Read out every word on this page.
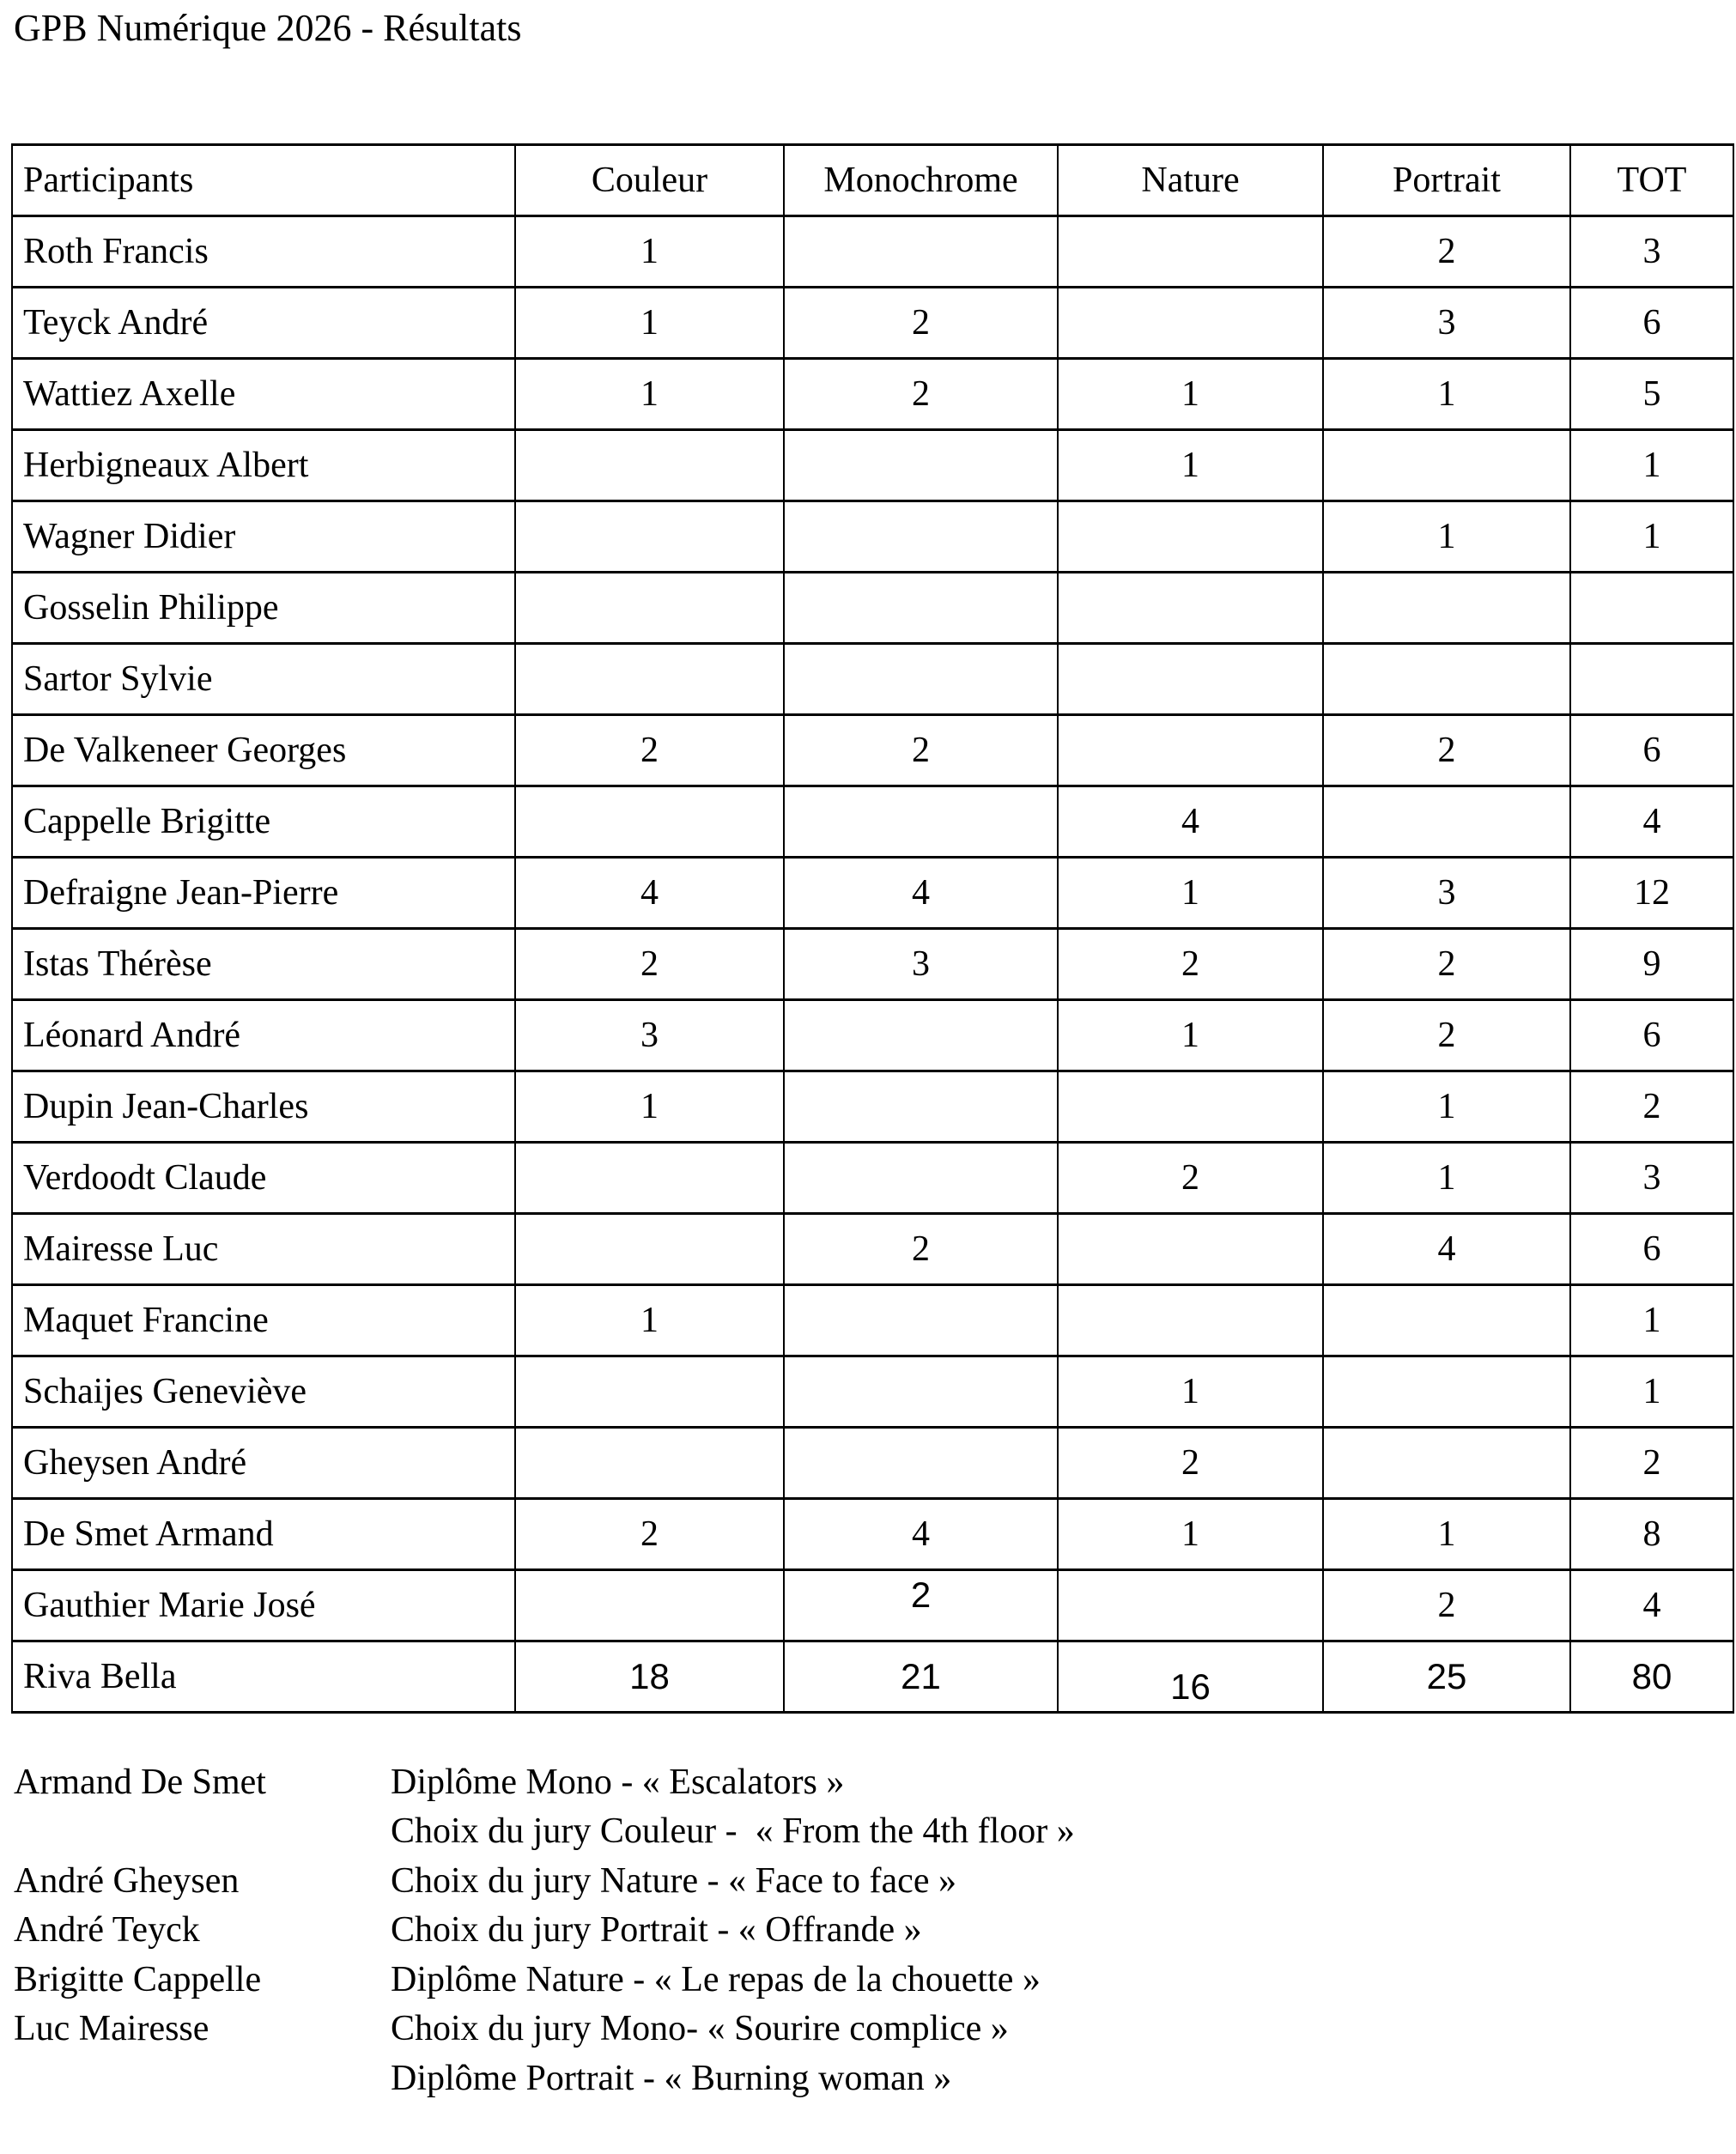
GPB Numérique 2026 - Résultats
Participants	Couleur	Monochrome	Nature	Portrait	TOT
Roth Francis	1			2	3
Teyck André	1	2		3	6
Wattiez Axelle	1	2	1	1	5
Herbigneaux Albert			1		1
Wagner Didier				1	1
Gosselin Philippe					
Sartor Sylvie					
De Valkeneer Georges	2	2		2	6
Cappelle Brigitte			4		4
Defraigne Jean-Pierre	4	4	1	3	12
Istas Thérèse	2	3	2	2	9
Léonard André	3		1	2	6
Dupin Jean-Charles	1			1	2
Verdoodt Claude			2	1	3
Mairesse Luc		2		4	6
Maquet Francine	1				1
Schaijes Geneviève			1		1
Gheysen André			2		2
De Smet Armand	2	4	1	1	8
Gauthier Marie José		2		2	4
Riva Bella	18	21	16	25	80
Armand De Smet	Diplôme Mono - « Escalators »
Choix du jury Couleur -  « From the 4th floor »
André Gheysen	Choix du jury Nature - « Face to face »
André Teyck	Choix du jury Portrait - « Offrande »
Brigitte Cappelle	Diplôme Nature - « Le repas de la chouette »
Luc Mairesse	Choix du jury Mono- « Sourire complice »
Diplôme Portrait - « Burning woman »
